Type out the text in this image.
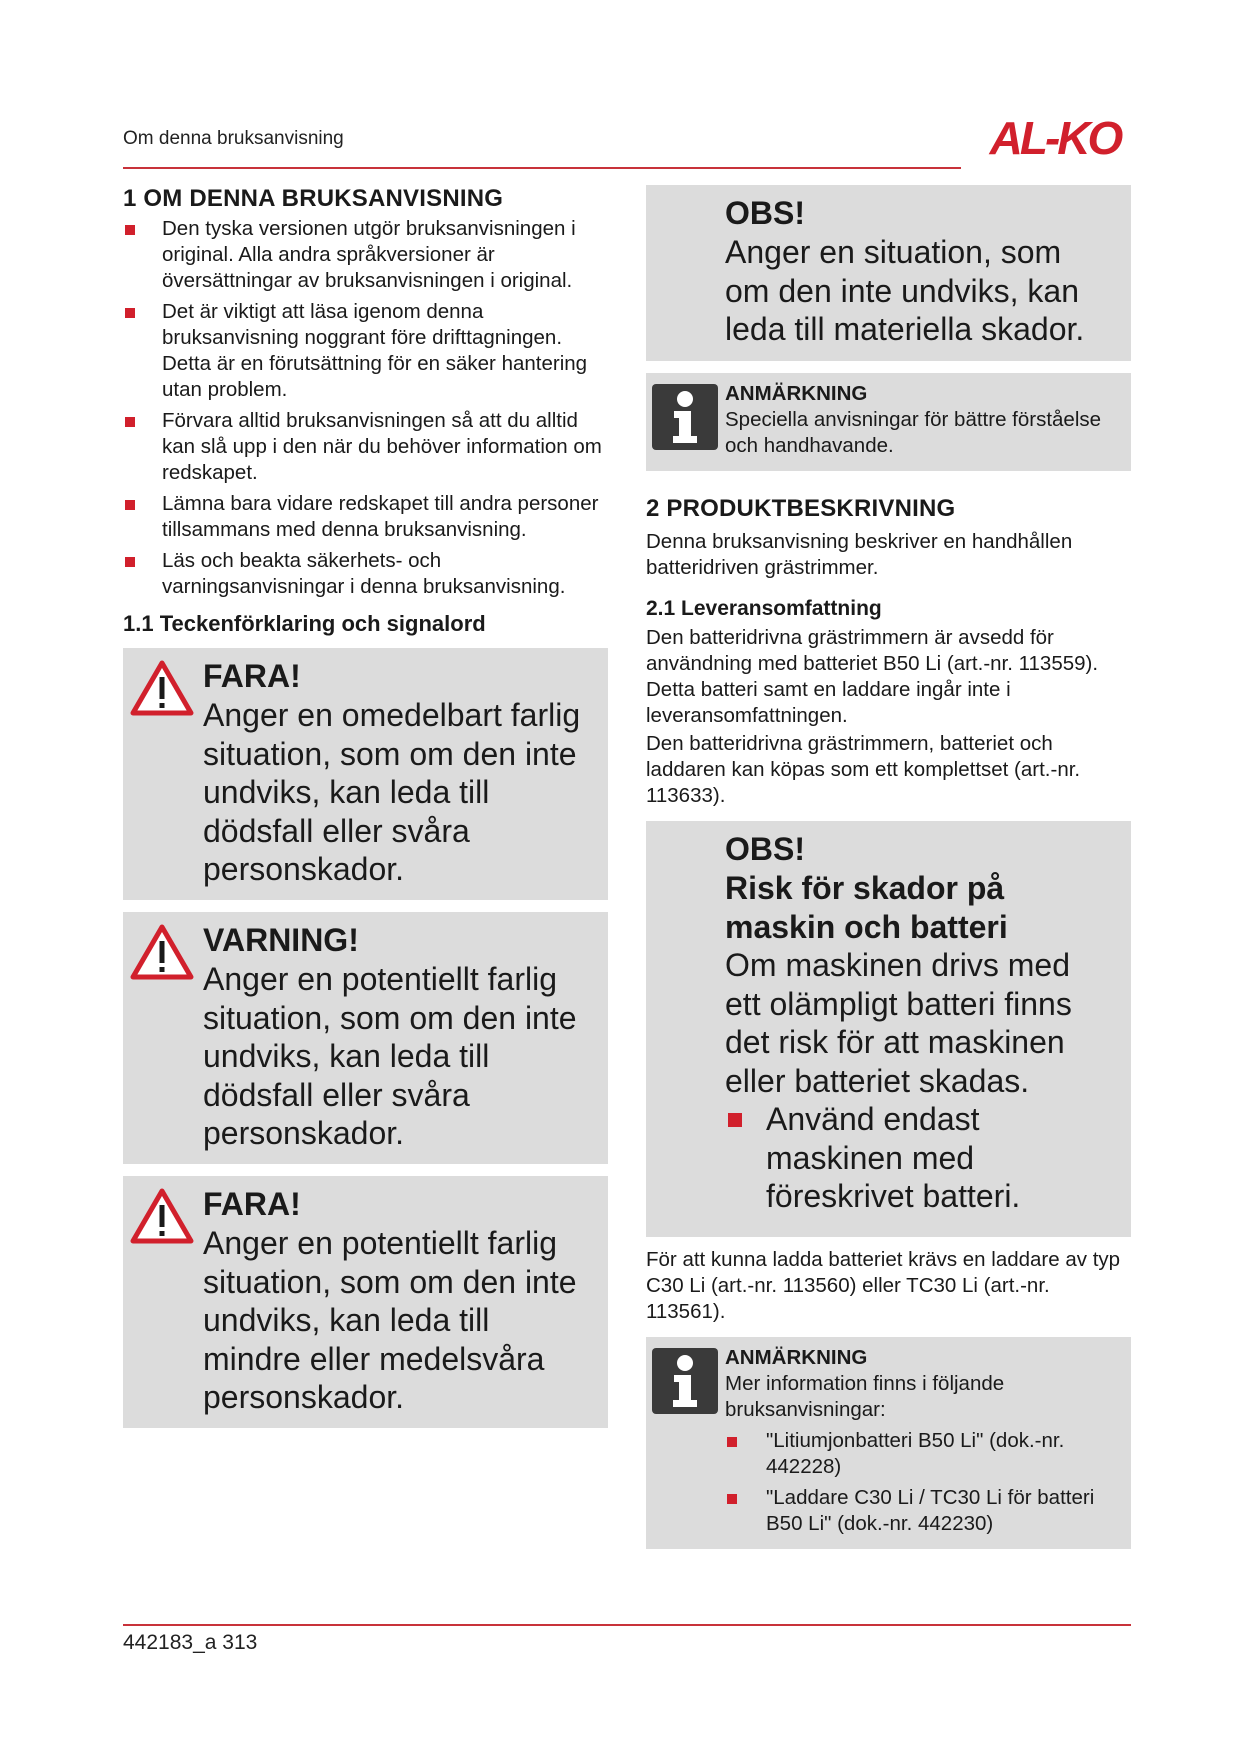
Om denna bruksanvisning	AL-KO
1 OM DENNA BRUKSANVISNING
Den tyska versionen utgör bruksanvisningen i original. Alla andra språkversioner är översättningar av bruksanvisningen i original.
Det är viktigt att läsa igenom denna bruksanvisning noggrant före drifttagningen. Detta är en förutsättning för en säker hantering utan problem.
Förvara alltid bruksanvisningen så att du alltid kan slå upp i den när du behöver information om redskapet.
Lämna bara vidare redskapet till andra personer tillsammans med denna bruksanvisning.
Läs och beakta säkerhets- och varningsanvisningar i denna bruksanvisning.
1.1 Teckenförklaring och signalord

FARA!

Anger en omedelbart farlig situation, som om den inte undviks, kan leda till dödsfall eller svåra personskador.

VARNING!

Anger en potentiellt farlig situation, som om den inte undviks, kan leda till dödsfall eller svåra personskador.

FARA!

Anger en potentiellt farlig situation, som om den inte undviks, kan leda till mindre eller medelsvåra personskador.

OBS!

Anger en situation, som om den inte undviks, kan leda till materiella skador.

ANMÄRKNING

Speciella anvisningar för bättre förståelse och handhavande.

2 PRODUKTBESKRIVNING

Denna bruksanvisning beskriver en handhållen batteridriven grästrimmer.

2.1 Leveransomfattning

Den batteridrivna grästrimmern är avsedd för användning med batteriet B50 Li (art.-nr. 113559). Detta batteri samt en laddare ingår inte i leveransomfattningen.

Den batteridrivna grästrimmern, batteriet och laddaren kan köpas som ett komplettset (art.-nr. 113633).

OBS!

Risk för skador på maskin och batteri

Om maskinen drivs med ett olämpligt batteri finns det risk för att maskinen eller batteriet skadas.

Använd endast maskinen med föreskrivet batteri.

För att kunna ladda batteriet krävs en laddare av typ C30 Li (art.-nr. 113560) eller TC30 Li (art.-nr. 113561).

ANMÄRKNING

Mer information finns i följande bruksanvisningar:

"Litiumjonbatteri B50 Li" (dok.-nr. 442228)
"Laddare C30 Li / TC30 Li för batteri B50 Li" (dok.-nr. 442230)
442183_a 313
